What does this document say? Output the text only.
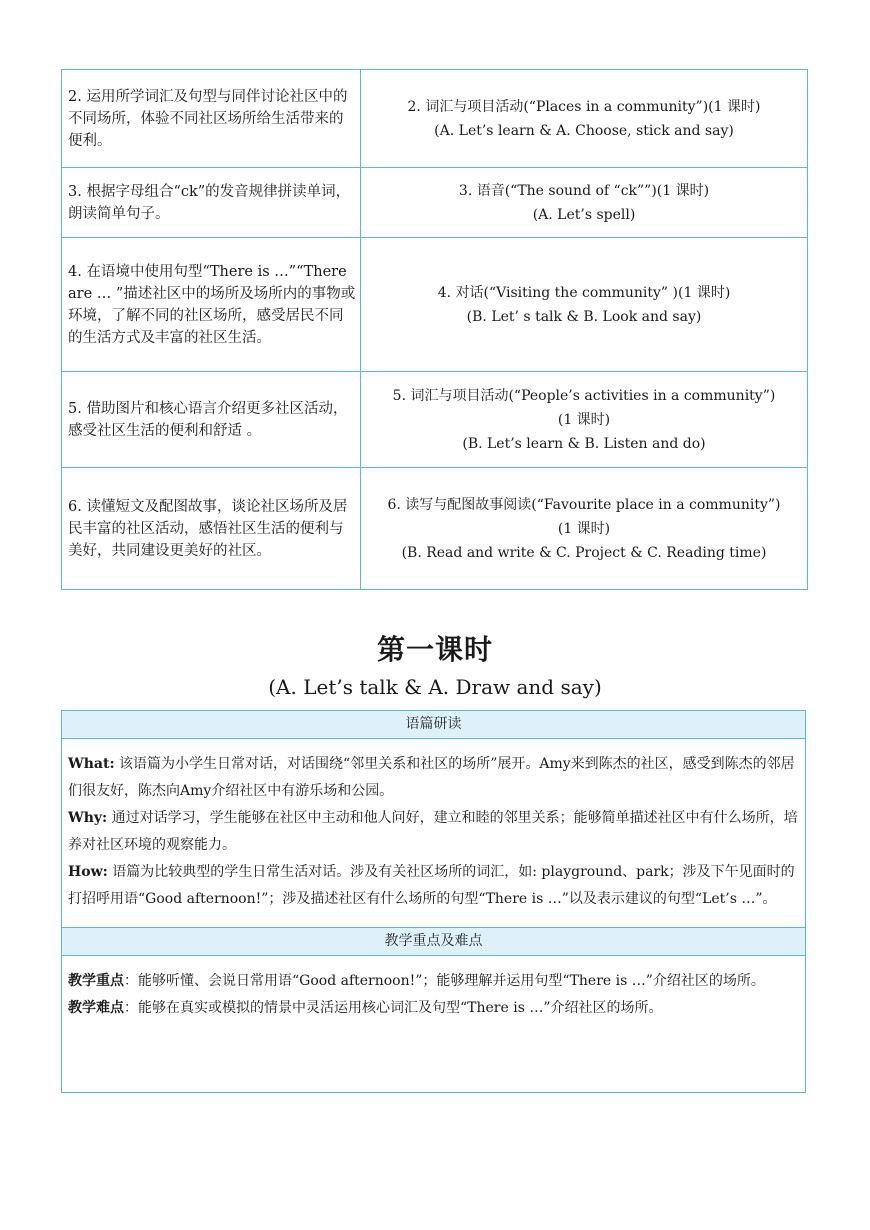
2. 运用所学词汇及句型与同伴讨论社区中的不同场所，体验不同社区场所给生活带来的便利。	2. 词汇与项目活动(“Places in a community”)(1 课时)
(A. Let’s learn & A. Choose, stick and say)

3. 根据字母组合“ck”的发音规律拼读单词，朗读简单句子。	3. 语音(“The sound of “ck””)(1 课时)
(A. Let’s spell)

4. 在语境中使用句型“There is …”“There are … ”描述社区中的场所及场所内的事物或环境，了解不同的社区场所，感受居民不同的生活方式及丰富的社区生活。	4. 对话(“Visiting the community” )(1 课时)
(B. Let’ s talk & B. Look and say)

5. 借助图片和核心语言介绍更多社区活动，感受社区生活的便利和舒适 。	5. 词汇与项目活动(“People’s activities in a community”)
(1 课时)
(B. Let’s learn & B. Listen and do)

6. 读懂短文及配图故事，谈论社区场所及居民丰富的社区活动，感悟社区生活的便利与美好，共同建设更美好的社区。	6. 读写与配图故事阅读(“Favourite place in a community”)
(1 课时)
(B. Read and write & C. Project & C. Reading time)
第一课时
(A. Let’s talk & A. Draw and say)
语篇研读

What: 该语篇为小学生日常对话，对话围绕“邻里关系和社区的场所”展开。Amy来到陈杰的社区，感受到陈杰的邻居们很友好，陈杰向Amy介绍社区中有游乐场和公园。

Why: 通过对话学习，学生能够在社区中主动和他人问好，建立和睦的邻里关系；能够简单描述社区中有什么场所，培养对社区环境的观察能力。

How: 语篇为比较典型的学生日常生活对话。涉及有关社区场所的词汇，如: playground、park；涉及下午见面时的打招呼用语“Good afternoon!”；涉及描述社区有什么场所的句型“There is …”以及表示建议的句型“Let’s …”。

教学重点及难点

教学重点：能够听懂、会说日常用语“Good afternoon!”；能够理解并运用句型“There is …”介绍社区的场所。

教学难点：能够在真实或模拟的情景中灵活运用核心词汇及句型“There is …”介绍社区的场所。
